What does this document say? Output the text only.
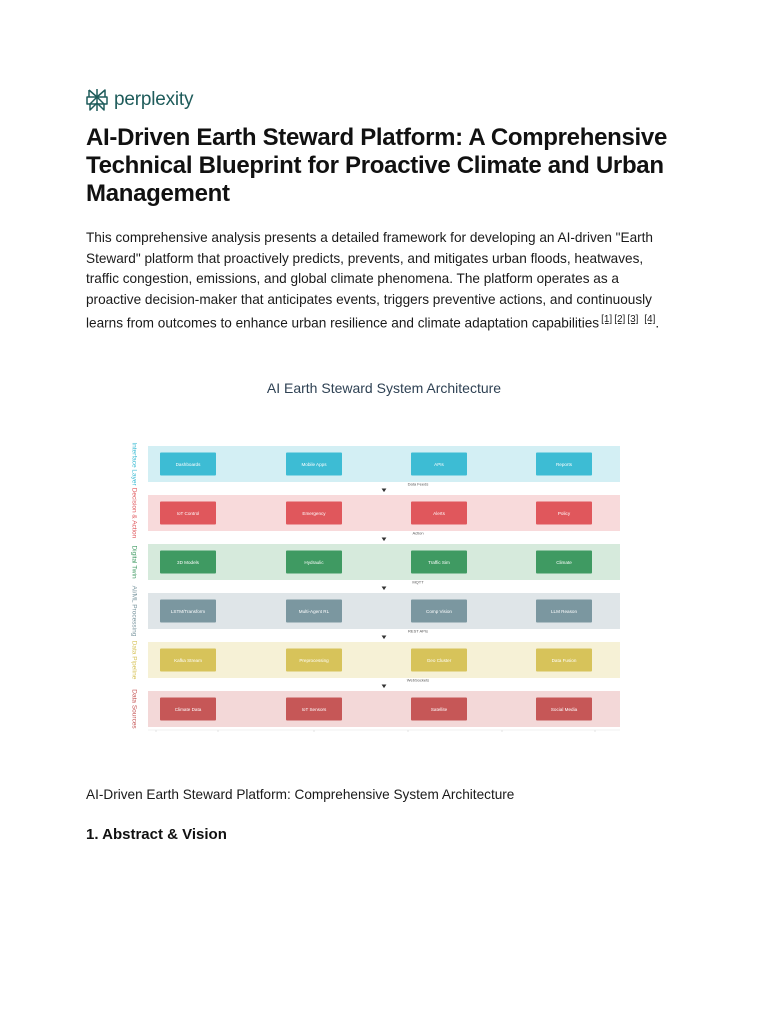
perplexity
AI-Driven Earth Steward Platform: A Comprehensive Technical Blueprint for Proactive Climate and Urban Management

This comprehensive analysis presents a detailed framework for developing an AI-driven "Earth Steward" platform that proactively predicts, prevents, and mitigates urban floods, heatwaves, traffic congestion, emissions, and global climate phenomena. The platform operates as a proactive decision-maker that anticipates events, triggers preventive actions, and continuously learns from outcomes to enhance urban resilience and climate adaptation capabilities [1] [2] [3] [4].

AI Earth Steward System Architecture
Interface Layer	Dashboards	Mobile Apps	APIs	Reports
Decision & Action	IoT Control	Emergency	Alerts	Policy
Digital Twin	3D Models	Hydraulic	Traffic Sim	Climate
AI/ML Processing	LSTM/Transform	Multi-Agent RL	Comp Vision	LLM Reason
Data Pipeline	Kafka Stream	Preprocessing	Geo Cluster	Data Fusion
Data Sources	Climate Data	IoT Sensors	Satellite	Social Media
Data Feeds
Action
MQTT
REST APIs
WebSockets
AI-Driven Earth Steward Platform: Comprehensive System Architecture
1. Abstract & Vision
